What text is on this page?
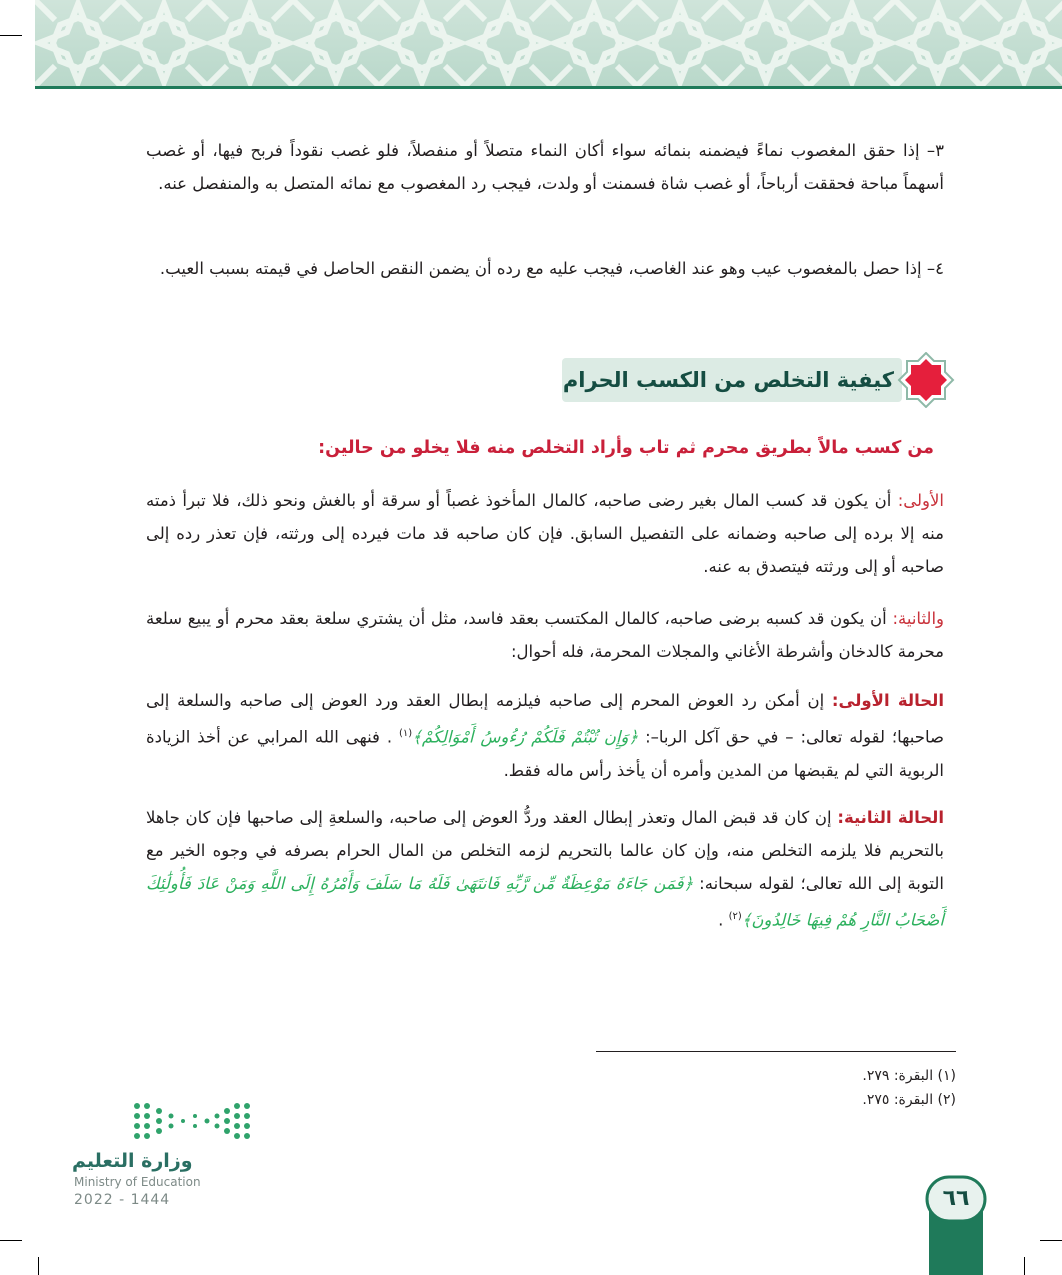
٣– إذا حقق المغصوب نماءً فيضمنه بنمائه سواء أكان النماء متصلاً أو منفصلاً، فلو غصب نقوداً فربح فيها، أو غصب أسهماً مباحة فحققت أرباحاً، أو غصب شاة فسمنت أو ولدت، فيجب رد المغصوب مع نمائه المتصل به والمنفصل عنه.

٤– إذا حصل بالمغصوب عيب وهو عند الغاصب، فيجب عليه مع رده أن يضمن النقص الحاصل في قيمته بسبب العيب.

كيفية التخلص من الكسب الحرام
من كسب مالاً بطريق محرم ثم تاب وأراد التخلص منه فلا يخلو من حالين:

الأولى: أن يكون قد كسب المال بغير رضى صاحبه، كالمال المأخوذ غصباً أو سرقة أو بالغش ونحو ذلك، فلا تبرأ ذمته منه إلا برده إلى صاحبه وضمانه على التفصيل السابق. فإن كان صاحبه قد مات فيرده إلى ورثته، فإن تعذر رده إلى صاحبه أو إلى ورثته فيتصدق به عنه.

والثانية: أن يكون قد كسبه برضى صاحبه، كالمال المكتسب بعقد فاسد، مثل أن يشتري سلعة بعقد محرم أو يبيع سلعة محرمة كالدخان وأشرطة الأغاني والمجلات المحرمة، فله أحوال:

الحالة الأولى: إن أمكن رد العوض المحرم إلى صاحبه فيلزمه إبطال العقد ورد العوض إلى صاحبه والسلعة إلى صاحبها؛ لقوله تعالى: – في حق آكل الربا–: ﴿وَإِن تُبْتُمْ فَلَكُمْ رُءُوسُ أَمْوَالِكُمْ﴾$^{(١)}$ . فنهى الله المرابي عن أخذ الزيادة الربوية التي لم يقبضها من المدين وأمره أن يأخذ رأس ماله فقط.

الحالة الثانية: إن كان قد قبض المال وتعذر إبطال العقد وردُّ العوض إلى صاحبه، والسلعةِ إلى صاحبها فإن كان جاهلا بالتحريم فلا يلزمه التخلص منه، وإن كان عالما بالتحريم لزمه التخلص من المال الحرام بصرفه في وجوه الخير مع التوبة إلى الله تعالى؛ لقوله سبحانه: ﴿فَمَن جَاءَهُ مَوْعِظَةٌ مِّن رَّبِّهِ فَانتَهَىٰ فَلَهُ مَا سَلَفَ وَأَمْرُهُ إِلَى اللَّهِ وَمَنْ عَادَ فَأُولَٰئِكَ أَصْحَابُ النَّارِ هُمْ فِيهَا خَالِدُونَ﴾$^{(٢)}$ .

(١) البقرة: ٢٧٩.
(٢) البقرة: ٢٧٥.
وزارة التعليم
Ministry of Education
2022 - 1444	٦٦
